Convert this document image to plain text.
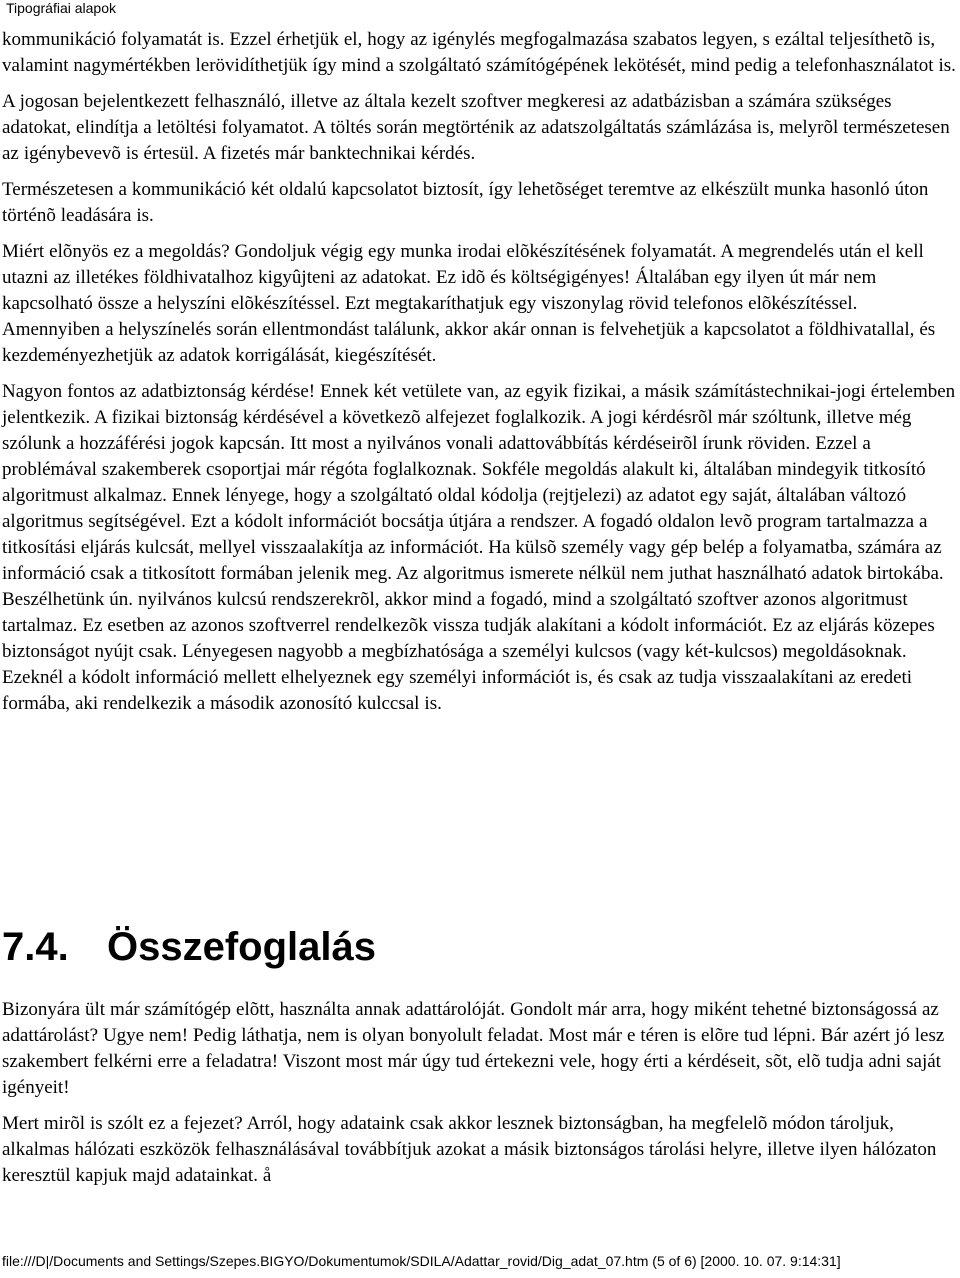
Tipográfiai alapok

kommunikáció folyamatát is. Ezzel érhetjük el, hogy az igénylés megfogalmazása szabatos legyen, s ezáltal teljesíthetõ is, valamint nagymértékben lerövidíthetjük így mind a szolgáltató számítógépének lekötését, mind pedig a telefonhasználatot is.

A jogosan bejelentkezett felhasználó, illetve az általa kezelt szoftver megkeresi az adatbázisban a számára szükséges adatokat, elindítja a letöltési folyamatot. A töltés során megtörténik az adatszolgáltatás számlázása is, melyrõl természetesen az igénybevevõ is értesül. A fizetés már banktechnikai kérdés.

Természetesen a kommunikáció két oldalú kapcsolatot biztosít, így lehetõséget teremtve az elkészült munka hasonló úton történõ leadására is.

Miért elõnyös ez a megoldás? Gondoljuk végig egy munka irodai elõkészítésének folyamatát. A megrendelés után el kell utazni az illetékes földhivatalhoz kigyûjteni az adatokat. Ez idõ és költségigényes! Általában egy ilyen út már nem kapcsolható össze a helyszíni elõkészítéssel. Ezt megtakaríthatjuk egy viszonylag rövid telefonos elõkészítéssel. Amennyiben a helyszínelés során ellentmondást találunk, akkor akár onnan is felvehetjük a kapcsolatot a földhivatallal, és kezdeményezhetjük az adatok korrigálását, kiegészítését.

Nagyon fontos az adatbiztonság kérdése! Ennek két vetülete van, az egyik fizikai, a másik számítástechnikai-jogi értelemben jelentkezik. A fizikai biztonság kérdésével a következõ alfejezet foglalkozik. A jogi kérdésrõl már szóltunk, illetve még szólunk a hozzáférési jogok kapcsán. Itt most a nyilvános vonali adattovábbítás kérdéseirõl írunk röviden. Ezzel a problémával szakemberek csoportjai már régóta foglalkoznak. Sokféle megoldás alakult ki, általában mindegyik titkosító algoritmust alkalmaz. Ennek lényege, hogy a szolgáltató oldal kódolja (rejtjelezi) az adatot egy saját, általában változó algoritmus segítségével. Ezt a kódolt információt bocsátja útjára a rendszer. A fogadó oldalon levõ program tartalmazza a titkosítási eljárás kulcsát, mellyel visszaalakítja az információt. Ha külsõ személy vagy gép belép a folyamatba, számára az információ csak a titkosított formában jelenik meg. Az algoritmus ismerete nélkül nem juthat használható adatok birtokába. Beszélhetünk ún. nyilvános kulcsú rendszerekrõl, akkor mind a fogadó, mind a szolgáltató szoftver azonos algoritmust tartalmaz. Ez esetben az azonos szoftverrel rendelkezõk vissza tudják alakítani a kódolt információt. Ez az eljárás közepes biztonságot nyújt csak. Lényegesen nagyobb a megbízhatósága a személyi kulcsos (vagy két-kulcsos) megoldásoknak. Ezeknél a kódolt információ mellett elhelyeznek egy személyi információt is, és csak az tudja visszaalakítani az eredeti formába, aki rendelkezik a második azonosító kulccsal is.

7.4. Összefoglalás

Bizonyára ült már számítógép elõtt, használta annak adattárolóját. Gondolt már arra, hogy miként tehetné biztonságossá az adattárolást? Ugye nem! Pedig láthatja, nem is olyan bonyolult feladat. Most már e téren is elõre tud lépni. Bár azért jó lesz szakembert felkérni erre a feladatra! Viszont most már úgy tud értekezni vele, hogy érti a kérdéseit, sõt, elõ tudja adni saját igényeit!

Mert mirõl is szólt ez a fejezet? Arról, hogy adataink csak akkor lesznek biztonságban, ha megfelelõ módon tároljuk, alkalmas hálózati eszközök felhasználásával továbbítjuk azokat a másik biztonságos tárolási helyre, illetve ilyen hálózaton keresztül kapjuk majd adatainkat. å

file:///D|/Documents and Settings/Szepes.BIGYO/Dokumentumok/SDILA/Adattar_rovid/Dig_adat_07.htm (5 of 6) [2000. 10. 07. 9:14:31]
